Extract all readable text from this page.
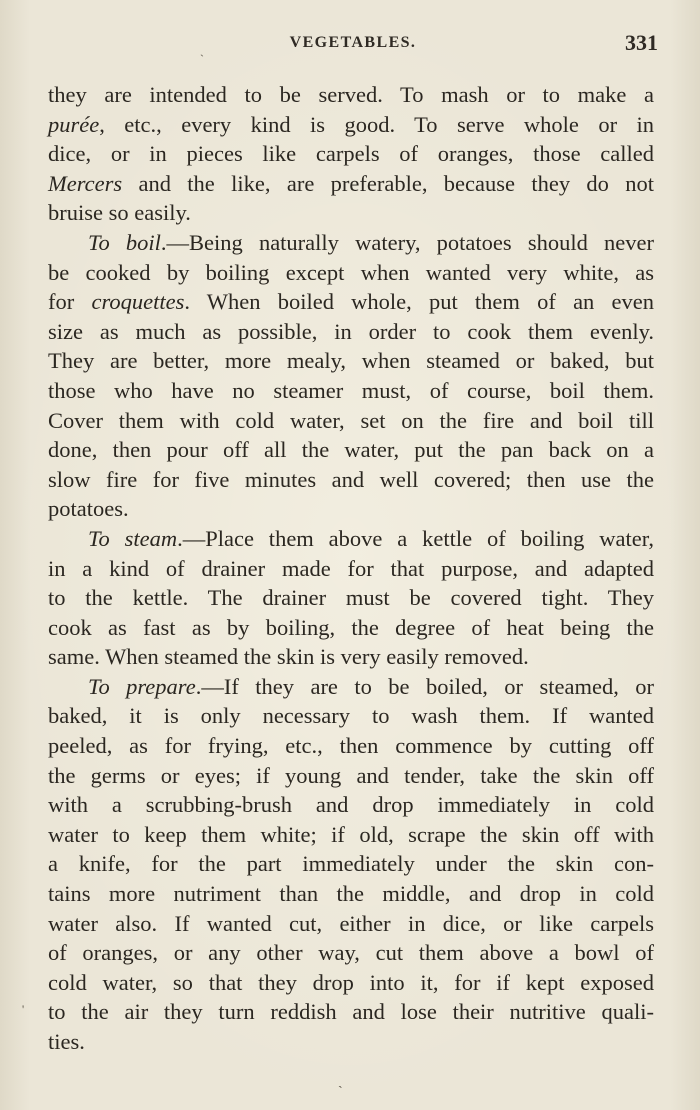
VEGETABLES.	331
ˋ
they are intended to be served. To mash or to make a
purée, etc., every kind is good. To serve whole or in
dice, or in pieces like carpels of oranges, those called
Mercers and the like, are preferable, because they do not
bruise so easily.
To boil.—Being naturally watery, potatoes should never
be cooked by boiling except when wanted very white, as
for croquettes. When boiled whole, put them of an even
size as much as possible, in order to cook them evenly.
They are better, more mealy, when steamed or baked, but
those who have no steamer must, of course, boil them.
Cover them with cold water, set on the fire and boil till
done, then pour off all the water, put the pan back on a
slow fire for five minutes and well covered; then use the
potatoes.
To steam.—Place them above a kettle of boiling water,
in a kind of drainer made for that purpose, and adapted
to the kettle. The drainer must be covered tight. They
cook as fast as by boiling, the degree of heat being the
same. When steamed the skin is very easily removed.
To prepare.—If they are to be boiled, or steamed, or
baked, it is only necessary to wash them. If wanted
peeled, as for frying, etc., then commence by cutting off
the germs or eyes; if young and tender, take the skin off
with a scrubbing-brush and drop immediately in cold
water to keep them white; if old, scrape the skin off with
a knife, for the part immediately under the skin con-
tains more nutriment than the middle, and drop in cold
water also. If wanted cut, either in dice, or like carpels
of oranges, or any other way, cut them above a bowl of
cold water, so that they drop into it, for if kept exposed
to the air they turn reddish and lose their nutritive quali-
ties.
'
ˏ
